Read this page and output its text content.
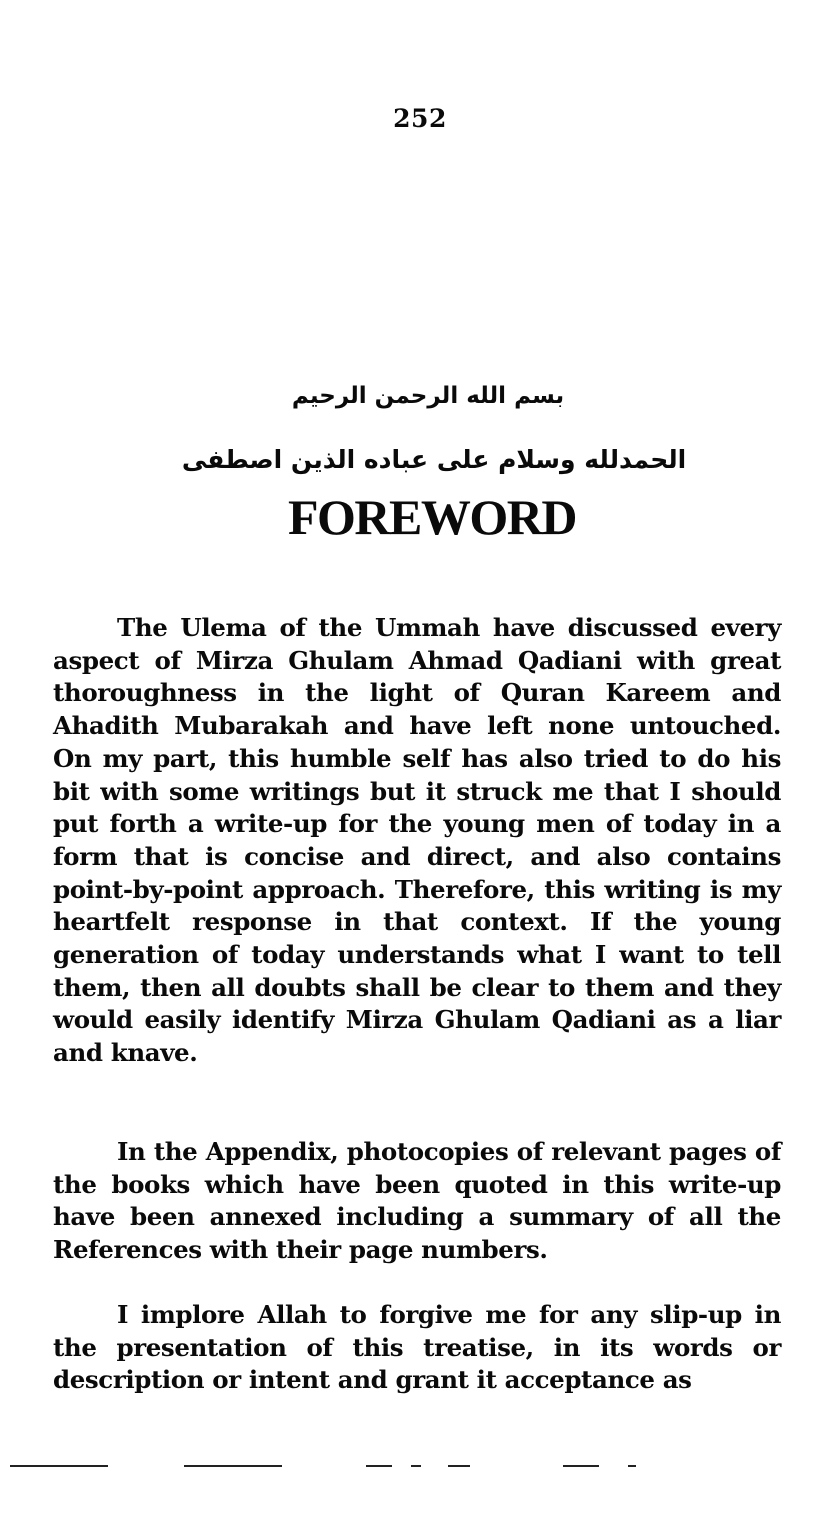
252
بسم الله الرحمن الرحيم
الحمدلله وسلام على عباده الذين اصطفى
FOREWORD

The Ulema of the Ummah have discussed every aspect of Mirza Ghulam Ahmad Qadiani with great thoroughness in the light of Quran Kareem and Ahadith Mubarakah and have left none untouched. On my part, this humble self has also tried to do his bit with some writings but it struck me that I should put forth a write-up for the young men of today in a form that is concise and direct, and also contains point-by-point approach. Therefore, this writing is my heartfelt response in that context. If the young generation of today understands what I want to tell them, then all doubts shall be clear to them and they would easily identify Mirza Ghulam Qadiani as a liar and knave.

In the Appendix, photocopies of relevant pages of the books which have been quoted in this write-up have been annexed including a summary of all the References with their page numbers.

I implore Allah to forgive me for any slip-up in the presentation of this treatise, in its words or description or intent and grant it acceptance as
